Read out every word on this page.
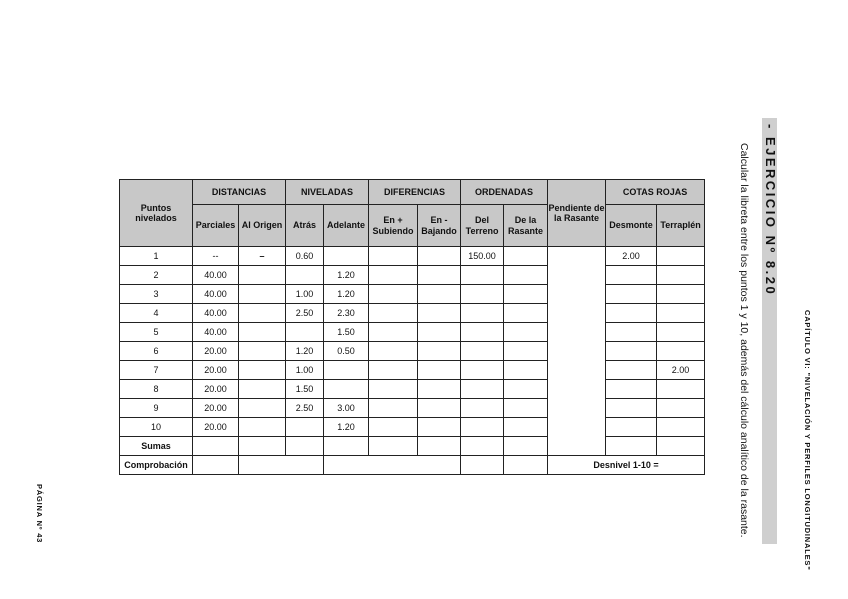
Puntos nivelados	DISTANCIAS		NIVELADAS		DIFERENCIAS		ORDENADAS		Pendiente de la Rasante	COTAS ROJAS	
	Parciales	Al Origen	Atrás	Adelante	En + Subiendo	En - Bajando	Del Terreno	De la Rasante		Desmonte	Terraplén
1	--	–	0.60				150.00			2.00	
2	40.00			1.20							
3	40.00		1.00	1.20							
4	40.00		2.50	2.30							
5	40.00			1.50							
6	20.00		1.20	0.50							
7	20.00		1.00								2.00
8	20.00		1.50								
9	20.00		2.50	3.00							
10	20.00			1.20							
Sumas											
Comprobación									Desnivel 1-10 =		
- EJERCICIO Nº 8.20
Calcular la libreta entre los puntos 1 y 10, además del cálculo analítico de la rasante.	CAPÍTULO VI: "NIVELACIÓN Y PERFILES LONGITUDINALES"
PÁGINA Nº 43
